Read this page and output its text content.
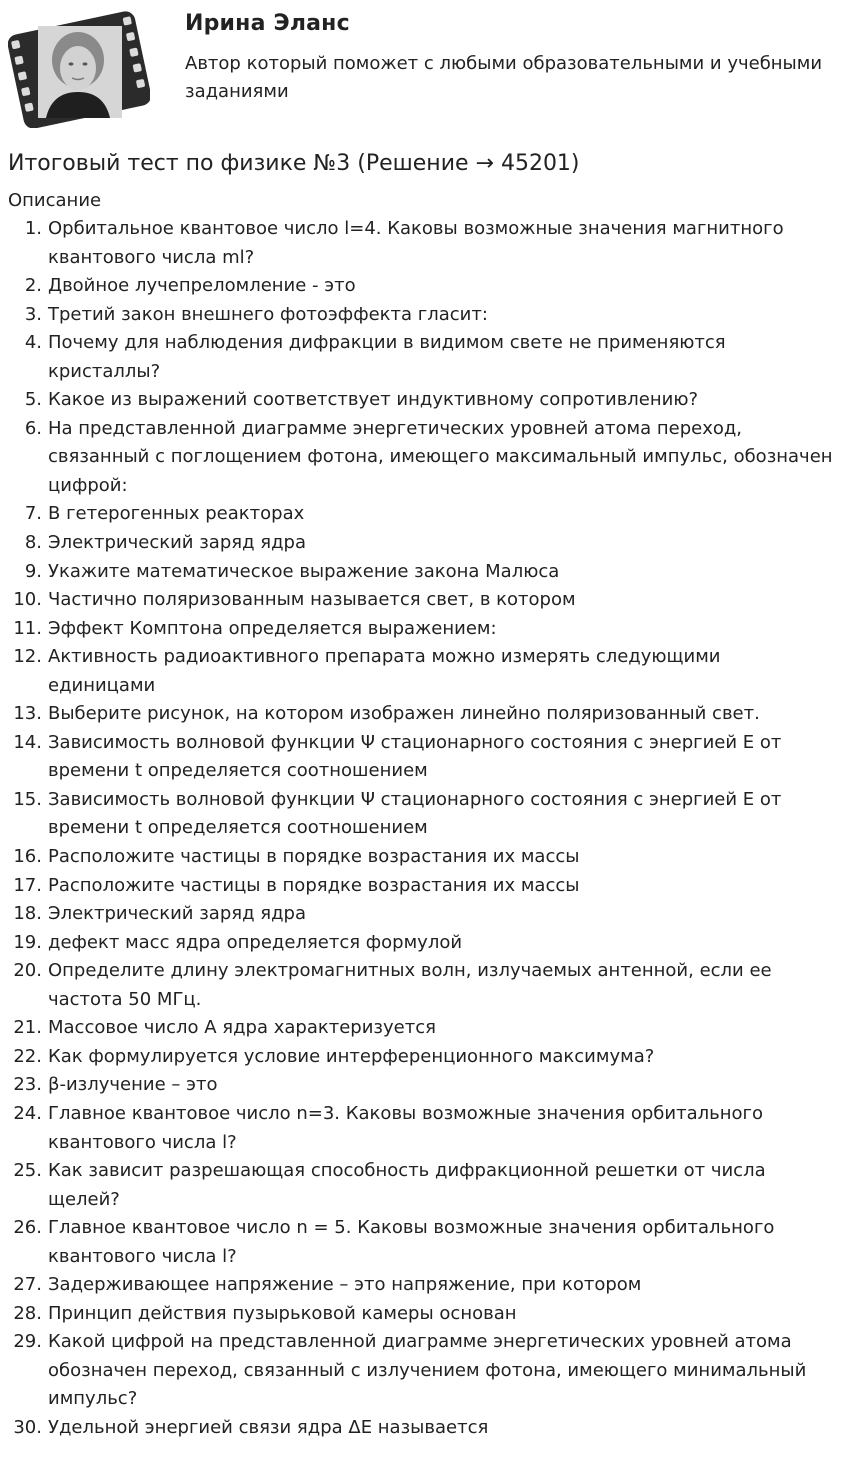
Ирина Эланс
Автор который поможет с любыми образовательными и учебными заданиями
Итоговый тест по физике №3 (Решение → 45201)
Описание
1. Орбитальное квантовое число l=4. Каковы возможные значения магнитного квантового числа ml?
2. Двойное лучепреломление - это
3. Третий закон внешнего фотоэффекта гласит:
4. Почему для наблюдения дифракции в видимом свете не применяются кристаллы?
5. Какое из выражений соответствует индуктивному сопротивлению?
6. На представленной диаграмме энергетических уровней атома переход, связанный с поглощением фотона, имеющего максимальный импульс, обозначен цифрой:
7. В гетерогенных реакторах
8. Электрический заряд ядра
9. Укажите математическое выражение закона Малюса
10. Частично поляризованным называется свет, в котором
11. Эффект Комптона определяется выражением:
12. Активность радиоактивного препарата можно измерять следующими единицами
13. Выберите рисунок, на котором изображен линейно поляризованный свет.
14. Зависимость волновой функции Ψ стационарного состояния с энергией Е от времени t определяется соотношением
15. Зависимость волновой функции Ψ стационарного состояния с энергией Е от времени t определяется соотношением
16. Расположите частицы в порядке возрастания их массы
17. Расположите частицы в порядке возрастания их массы
18. Электрический заряд ядра
19. дефект масс ядра определяется формулой
20. Определите длину электромагнитных волн, излучаемых антенной, если ее частота 50 МГц.
21. Массовое число А ядра характеризуется
22. Как формулируется условие интерференционного максимума?
23. β-излучение – это
24. Главное квантовое число n=3. Каковы возможные значения орбитального квантового числа l?
25. Как зависит разрешающая способность дифракционной решетки от числа щелей?
26. Главное квантовое число n = 5. Каковы возможные значения орбитального квантового числа l?
27. Задерживающее напряжение – это напряжение, при котором
28. Принцип действия пузырьковой камеры основан
29. Какой цифрой на представленной диаграмме энергетических уровней атома обозначен переход, связанный с излучением фотона, имеющего минимальный импульс?
30. Удельной энергией связи ядра ΔЕ называется
